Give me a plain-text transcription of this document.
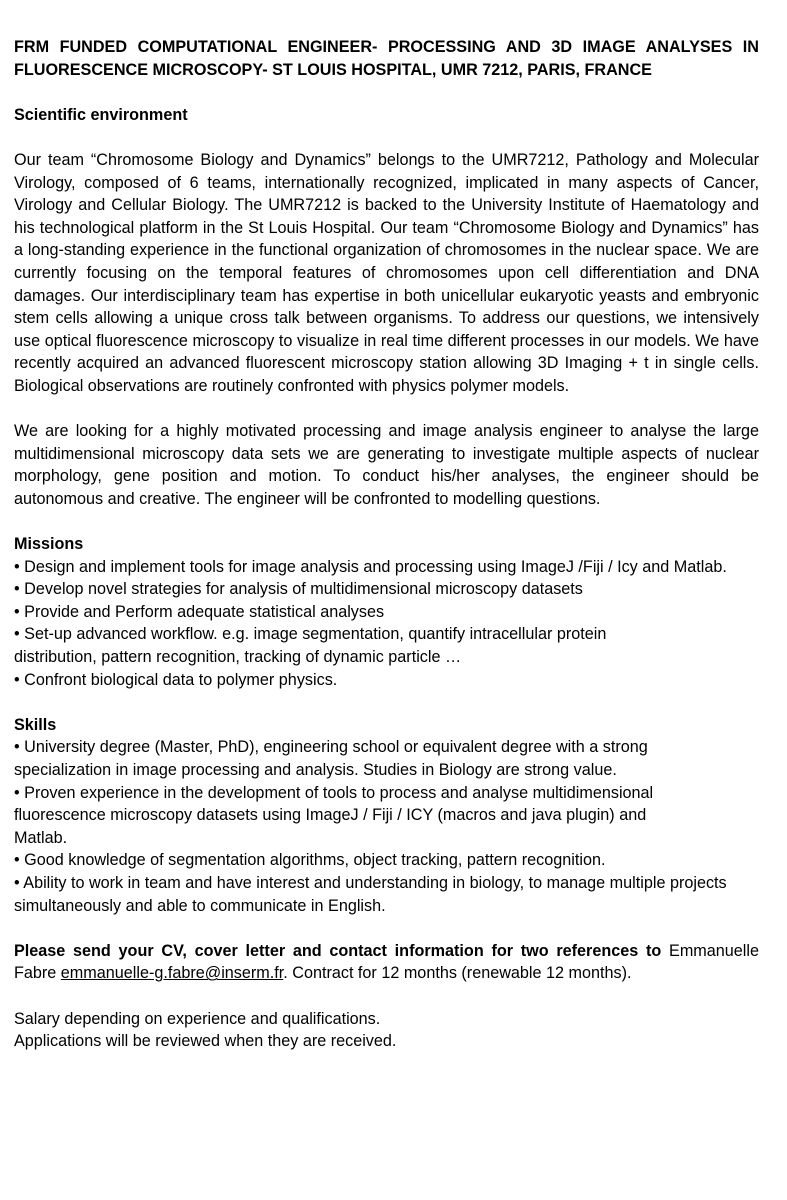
FRM FUNDED COMPUTATIONAL ENGINEER- PROCESSING AND 3D IMAGE ANALYSES IN FLUORESCENCE MICROSCOPY- ST LOUIS HOSPITAL, UMR 7212, PARIS, FRANCE

Scientific environment

Our team “Chromosome Biology and Dynamics” belongs to the UMR7212, Pathology and Molecular Virology, composed of 6 teams, internationally recognized, implicated in many aspects of Cancer, Virology and Cellular Biology. The UMR7212 is backed to the University Institute of Haematology and his technological platform in the St Louis Hospital. Our team “Chromosome Biology and Dynamics” has a long-standing experience in the functional organization of chromosomes in the nuclear space. We are currently focusing on the temporal features of chromosomes upon cell differentiation and DNA damages. Our interdisciplinary team has expertise in both unicellular eukaryotic yeasts and embryonic stem cells allowing a unique cross talk between organisms. To address our questions, we intensively use optical fluorescence microscopy to visualize in real time different processes in our models. We have recently acquired an advanced fluorescent microscopy station allowing 3D Imaging + t in single cells. Biological observations are routinely confronted with physics polymer models.

We are looking for a highly motivated processing and image analysis engineer to analyse the large multidimensional microscopy data sets we are generating to investigate multiple aspects of nuclear morphology, gene position and motion. To conduct his/her analyses, the engineer should be autonomous and creative. The engineer will be confronted to modelling questions.

Missions

• Design and implement tools for image analysis and processing using ImageJ /Fiji / Icy and Matlab.

• Develop novel strategies for analysis of multidimensional microscopy datasets

• Provide and Perform adequate statistical analyses

• Set-up advanced workflow. e.g. image segmentation, quantify intracellular protein distribution, pattern recognition, tracking of dynamic particle …

• Confront biological data to polymer physics.

Skills

• University degree (Master, PhD), engineering school or equivalent degree with a strong specialization in image processing and analysis. Studies in Biology are strong value.

• Proven experience in the development of tools to process and analyse multidimensional fluorescence microscopy datasets using ImageJ / Fiji / ICY (macros and java plugin) and Matlab.

• Good knowledge of segmentation algorithms, object tracking, pattern recognition.

• Ability to work in team and have interest and understanding in biology, to manage multiple projects simultaneously and able to communicate in English.

Please send your CV, cover letter and contact information for two references to Emmanuelle Fabre emmanuelle-g.fabre@inserm.fr. Contract for 12 months (renewable 12 months).

Salary depending on experience and qualifications.

Applications will be reviewed when they are received.
